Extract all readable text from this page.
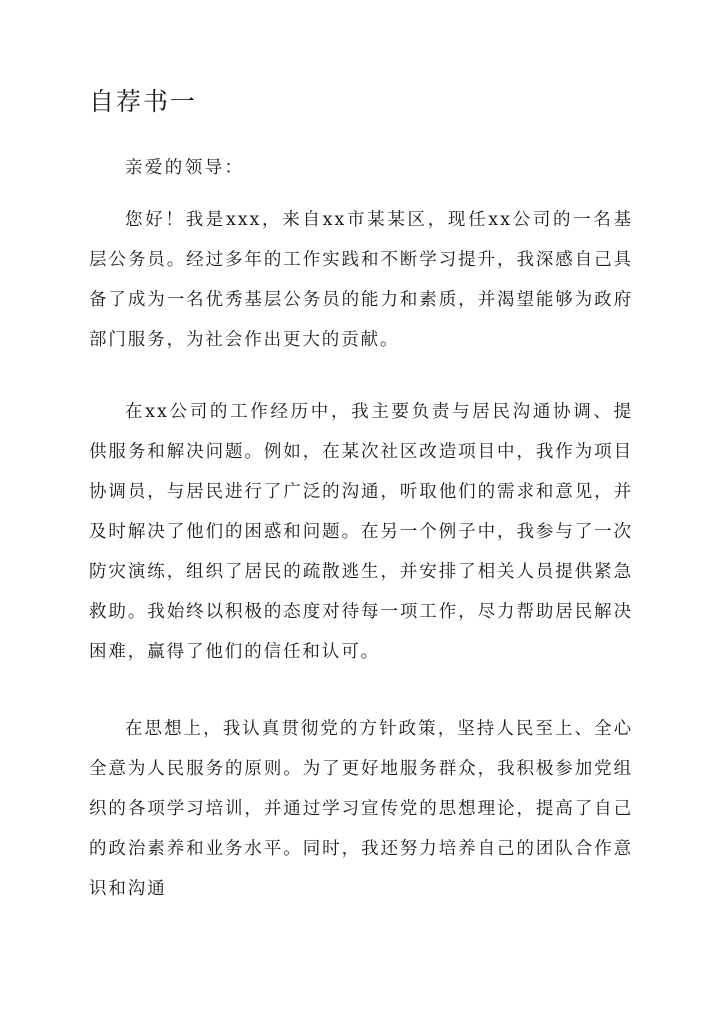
自荐书一

亲爱的领导：

您好！我是xxx，来自xx市某某区，现任xx公司的一名基层公务员。经过多年的工作实践和不断学习提升，我深感自己具备了成为一名优秀基层公务员的能力和素质，并渴望能够为政府部门服务，为社会作出更大的贡献。

在xx公司的工作经历中，我主要负责与居民沟通协调、提供服务和解决问题。例如，在某次社区改造项目中，我作为项目协调员，与居民进行了广泛的沟通，听取他们的需求和意见，并及时解决了他们的困惑和问题。在另一个例子中，我参与了一次防灾演练，组织了居民的疏散逃生，并安排了相关人员提供紧急救助。我始终以积极的态度对待每一项工作，尽力帮助居民解决困难，赢得了他们的信任和认可。

在思想上，我认真贯彻党的方针政策，坚持人民至上、全心全意为人民服务的原则。为了更好地服务群众，我积极参加党组织的各项学习培训，并通过学习宣传党的思想理论，提高了自己的政治素养和业务水平。同时，我还努力培养自己的团队合作意识和沟通
